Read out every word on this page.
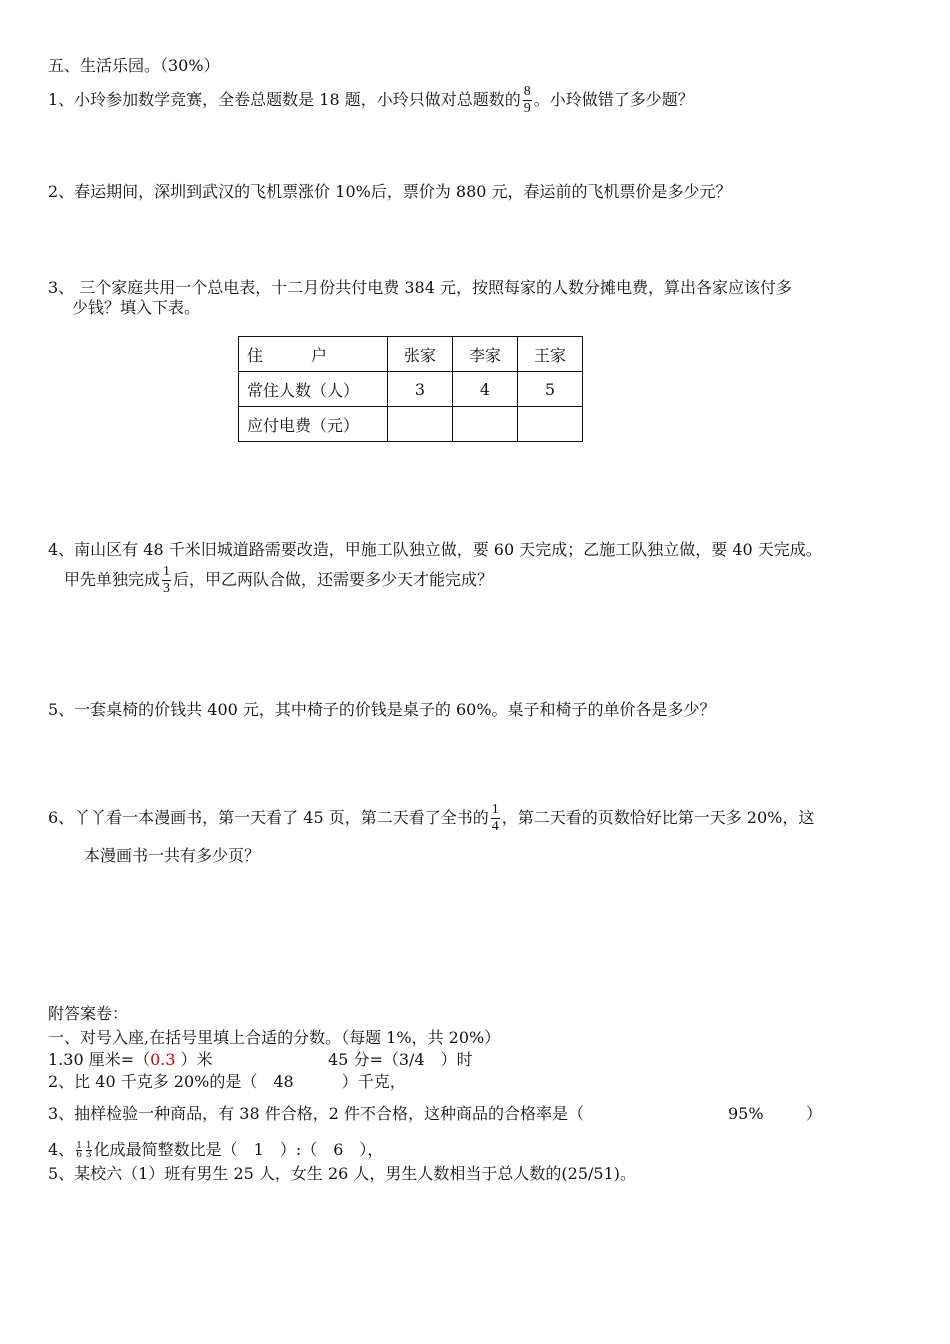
五、生活乐园。（30%）
1、小玲参加数学竞赛，全卷总题数是 18 题，小玲只做对总题数的 $\frac{8}{9}$ 。小玲做错了多少题？
2、春运期间，深圳到武汉的飞机票涨价 10%后，票价为 880 元，春运前的飞机票价是多少元？
3、 三个家庭共用一个总电表，十二月份共付电费 384 元，按照每家的人数分摊电费，算出各家应该付多
少钱？填入下表。
住　　　户	张家	李家	王家
常住人数（人）	3	4	5
应付电费（元）			
4、南山区有 48 千米旧城道路需要改造，甲施工队独立做，要 60 天完成；乙施工队独立做，要 40 天完成。
甲先单独完成 $\frac{1}{3}$ 后，甲乙两队合做，还需要多少天才能完成？
5、一套桌椅的价钱共 400 元，其中椅子的价钱是桌子的 60%。桌子和椅子的单价各是多少？
6、丫丫看一本漫画书，第一天看了 45 页，第二天看了全书的 $\frac{1}{4}$ ，第二天看的页数恰好比第一天多 20%，这
本漫画书一共有多少页？
附答案卷：
一、对号入座,在括号里填上合适的分数。（每题 1%，共 20%）
1.30 厘米=（0.3 ）米	45 分=（3/4　）时
2、比 40 千克多 20%的是（　48　　　）千克，
3、抽样检验一种商品，有 38 件合格，2 件不合格，这种商品的合格率是（	95%	）
4、 $\frac{1}{6} \frac{1}{3}$ 化成最简整数比是（　1　）:（　6　），
5、某校六（1）班有男生 25 人，女生 26 人，男生人数相当于总人数的(25/51)。
